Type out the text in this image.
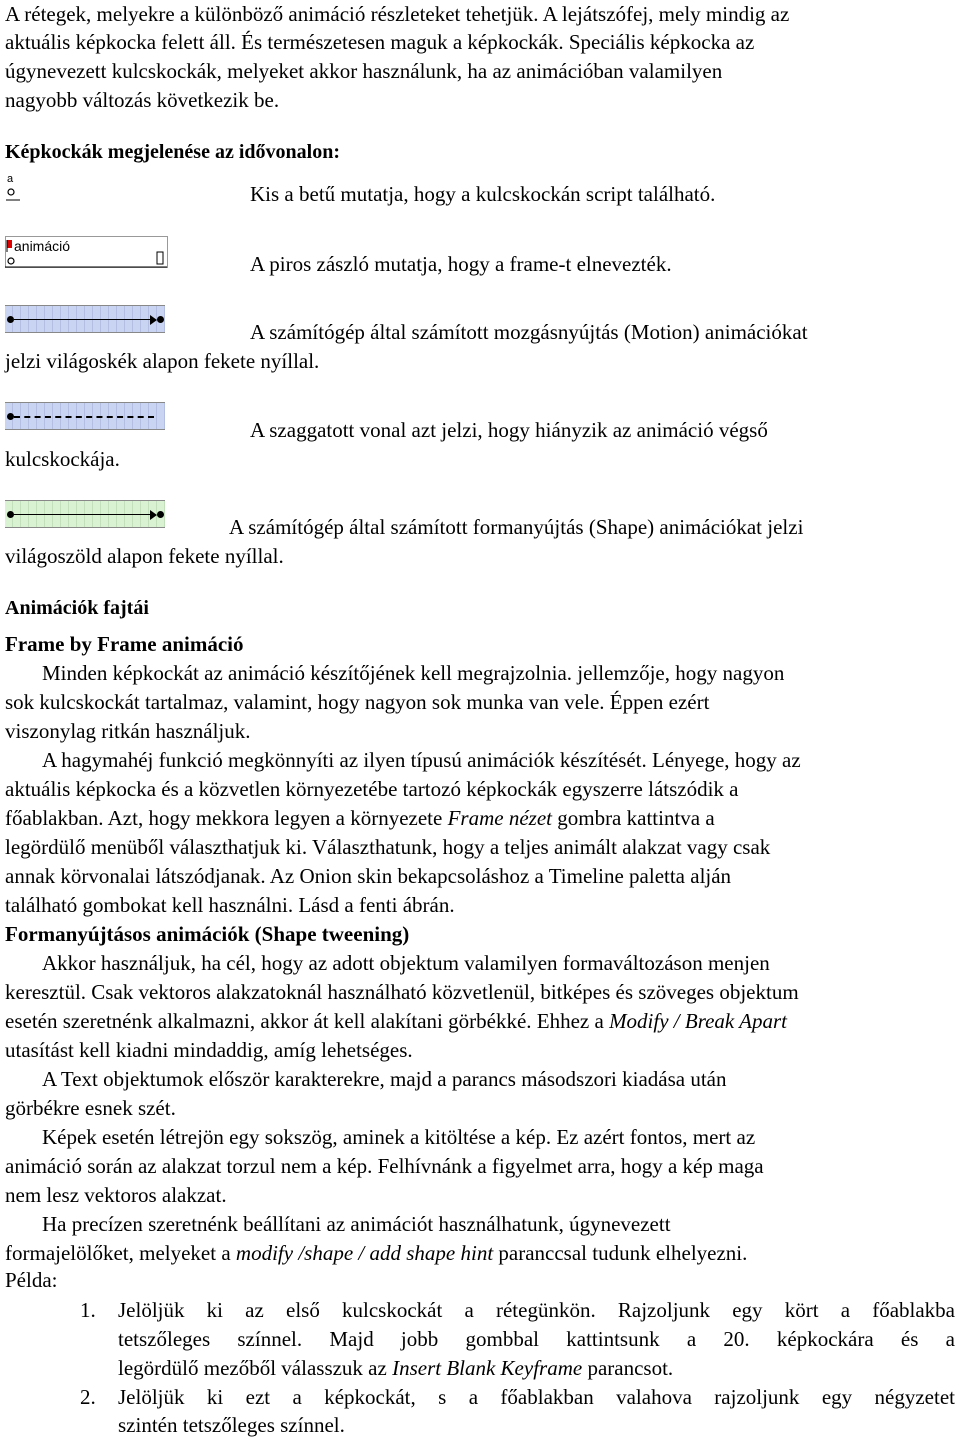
A rétegek, melyekre a különböző animáció részleteket tehetjük. A lejátszófej, mely mindig az
aktuális képkocka felett áll. És természetesen maguk a képkockák. Speciális képkocka az
úgynevezett kulcskockák, melyeket akkor használunk, ha az animációban valamilyen
nagyobb változás következik be.
Képkockák megjelenése az idővonalon:
a
Kis a betű mutatja, hogy a kulcskockán script található.
animáció
A piros zászló mutatja, hogy a frame-t elnevezték.
A számítógép által számított mozgásnyújtás (Motion) animációkat
jelzi világoskék alapon fekete nyíllal.
A szaggatott vonal azt jelzi, hogy hiányzik az animáció végső
kulcskockája.
A számítógép által számított formanyújtás (Shape) animációkat jelzi
világoszöld alapon fekete nyíllal.
Animációk fajtái
Frame by Frame animáció
Minden képkockát az animáció készítőjének kell megrajzolnia. jellemzője, hogy nagyon
sok kulcskockát tartalmaz, valamint, hogy nagyon sok munka van vele. Éppen ezért
viszonylag ritkán használjuk.
A hagymahéj funkció megkönnyíti az ilyen típusú animációk készítését. Lényege, hogy az
aktuális képkocka és a közvetlen környezetébe tartozó képkockák egyszerre látszódik a
főablakban. Azt, hogy mekkora legyen a környezete Frame nézet gombra kattintva a
legördülő menüből választhatjuk ki. Választhatunk, hogy a teljes animált alakzat vagy csak
annak körvonalai látszódjanak. Az Onion skin bekapcsoláshoz a Timeline paletta alján
található gombokat kell használni. Lásd a fenti ábrán.
Formanyújtásos animációk (Shape tweening)
Akkor használjuk, ha cél, hogy az adott objektum valamilyen formaváltozáson menjen
keresztül. Csak vektoros alakzatoknál használható közvetlenül, bitképes és szöveges objektum
esetén szeretnénk alkalmazni, akkor át kell alakítani görbékké. Ehhez a Modify / Break Apart
utasítást kell kiadni mindaddig, amíg lehetséges.
A Text objektumok először karakterekre, majd a parancs másodszori kiadása után
görbékre esnek szét.
Képek esetén létrejön egy sokszög, aminek a kitöltése a kép. Ez azért fontos, mert az
animáció során az alakzat torzul nem a kép. Felhívnánk a figyelmet arra, hogy a kép maga
nem lesz vektoros alakzat.
Ha precízen szeretnénk beállítani az animációt használhatunk, úgynevezett
formajelölőket, melyeket a modify /shape / add shape hint paranccsal tudunk elhelyezni.
Példa:
1. Jelöljük ki az első kulcskockát a rétegünkön. Rajzoljunk egy kört a főablakba
tetszőleges színnel. Majd jobb gombbal kattintsunk a 20. képkockára és a
legördülő mezőből válasszuk az Insert Blank Keyframe parancsot.
2. Jelöljük ki ezt a képkockát, s a főablakban valahova rajzoljunk egy négyzetet
szintén tetszőleges színnel.
